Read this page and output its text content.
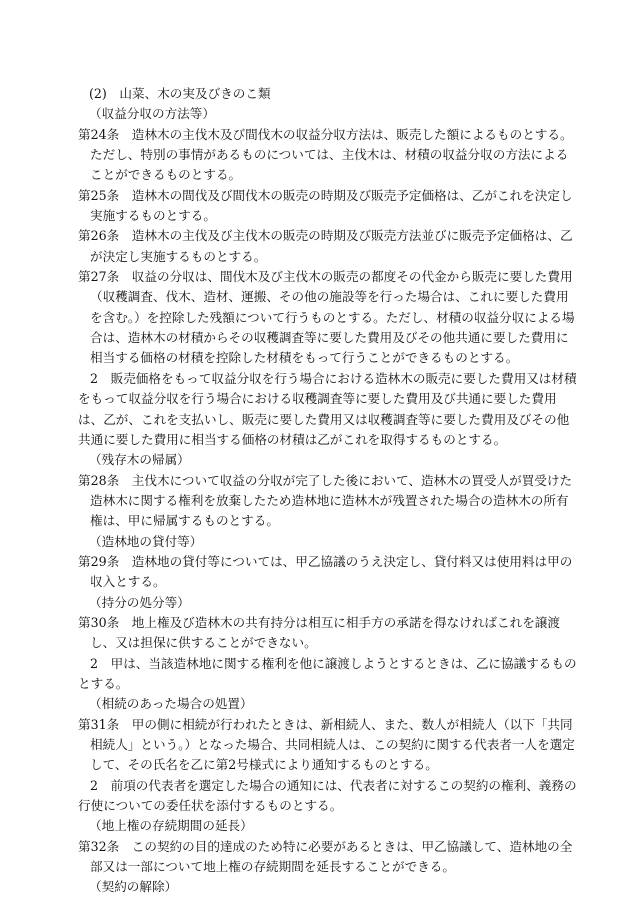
(2)　山菜、木の実及びきのこ類

（収益分収の方法等）

第24条　造林木の主伐木及び間伐木の収益分収方法は、販売した額によるものとする。ただし、特別の事情があるものについては、主伐木は、材積の収益分収の方法によることができるものとする。

第25条　造林木の間伐及び間伐木の販売の時期及び販売予定価格は、乙がこれを決定し実施するものとする。

第26条　造林木の主伐及び主伐木の販売の時期及び販売方法並びに販売予定価格は、乙が決定し実施するものとする。

第27条　収益の分収は、間伐木及び主伐木の販売の都度その代金から販売に要した費用（収穫調査、伐木、造材、運搬、その他の施設等を行った場合は、これに要した費用を含む。）を控除した残額について行うものとする。ただし、材積の収益分収による場合は、造林木の材積からその収穫調査等に要した費用及びその他共通に要した費用に相当する価格の材積を控除した材積をもって行うことができるものとする。

2　販売価格をもって収益分収を行う場合における造林木の販売に要した費用又は材積をもって収益分収を行う場合における収穫調査等に要した費用及び共通に要した費用は、乙が、これを支払いし、販売に要した費用又は収穫調査等に要した費用及びその他共通に要した費用に相当する価格の材積は乙がこれを取得するものとする。

（残存木の帰属）

第28条　主伐木について収益の分収が完了した後において、造林木の買受人が買受けた造林木に関する権利を放棄したため造林地に造林木が残置された場合の造林木の所有権は、甲に帰属するものとする。

（造林地の貸付等）

第29条　造林地の貸付等については、甲乙協議のうえ決定し、貸付料又は使用料は甲の収入とする。

（持分の処分等）

第30条　地上権及び造林木の共有持分は相互に相手方の承諾を得なければこれを譲渡し、又は担保に供することができない。

2　甲は、当該造林地に関する権利を他に譲渡しようとするときは、乙に協議するものとする。

（相続のあった場合の処置）

第31条　甲の側に相続が行われたときは、新相続人、また、数人が相続人（以下「共同相続人」という。）となった場合、共同相続人は、この契約に関する代表者一人を選定して、その氏名を乙に第2号様式により通知するものとする。

2　前項の代表者を選定した場合の通知には、代表者に対するこの契約の権利、義務の行使についての委任状を添付するものとする。

（地上権の存続期間の延長）

第32条　この契約の目的達成のため特に必要があるときは、甲乙協議して、造林地の全部又は一部について地上権の存続期間を延長することができる。

（契約の解除）
